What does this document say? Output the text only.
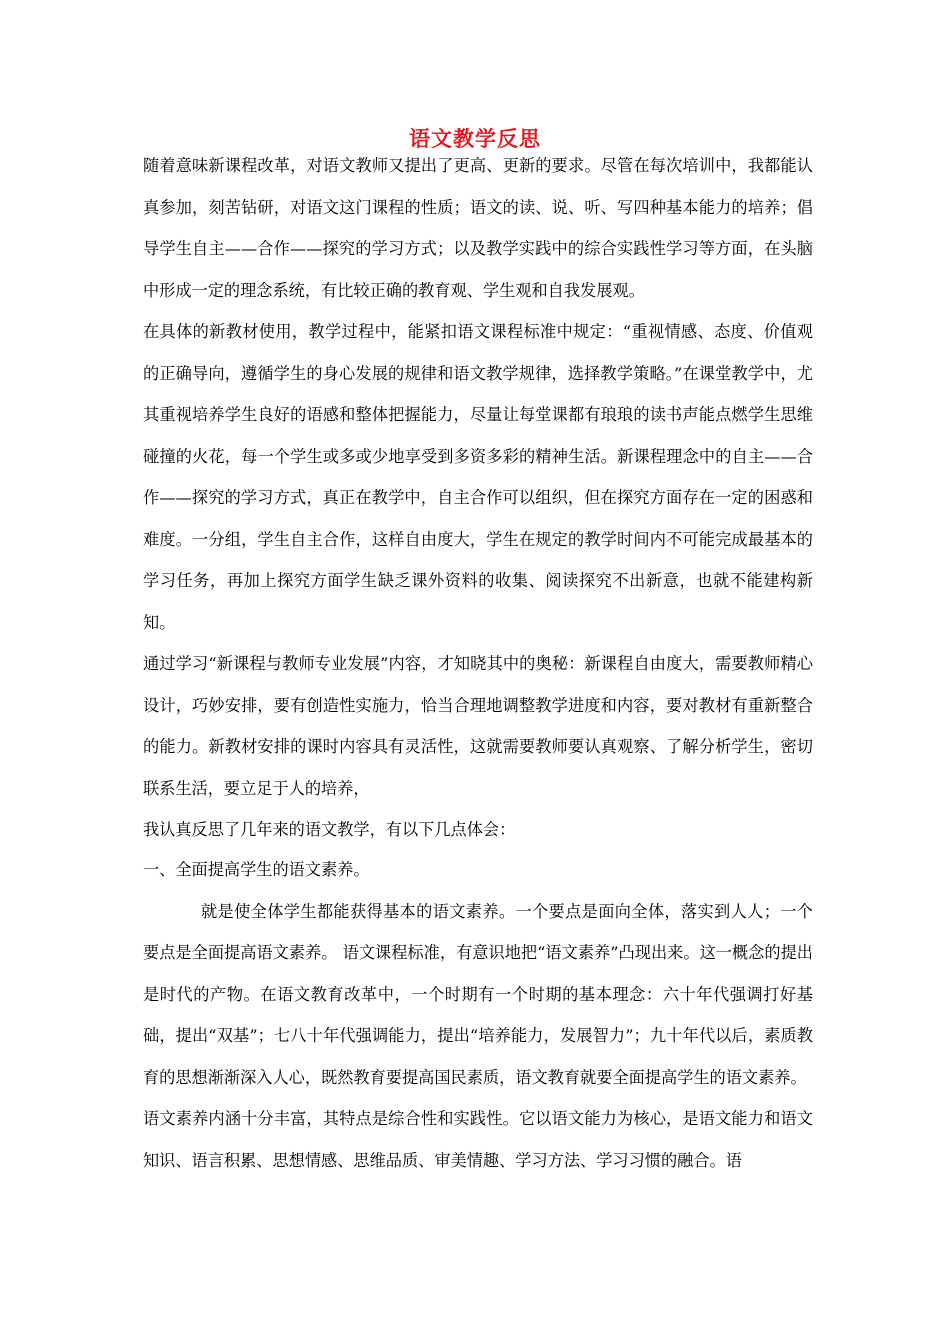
语文教学反思

随着意味新课程改革，对语文教师又提出了更高、更新的要求。尽管在每次培训中，我都能认真参加，刻苦钻研，对语文这门课程的性质；语文的读、说、听、写四种基本能力的培养；倡导学生自主——合作——探究的学习方式；以及教学实践中的综合实践性学习等方面，在头脑中形成一定的理念系统，有比较正确的教育观、学生观和自我发展观。

在具体的新教材使用，教学过程中，能紧扣语文课程标准中规定：“重视情感、态度、价值观的正确导向，遵循学生的身心发展的规律和语文教学规律，选择教学策略。”在课堂教学中，尤其重视培养学生良好的语感和整体把握能力，尽量让每堂课都有琅琅的读书声能点燃学生思维碰撞的火花，每一个学生或多或少地享受到多资多彩的精神生活。新课程理念中的自主——合作——探究的学习方式，真正在教学中，自主合作可以组织，但在探究方面存在一定的困惑和难度。一分组，学生自主合作，这样自由度大，学生在规定的教学时间内不可能完成最基本的学习任务，再加上探究方面学生缺乏课外资料的收集、阅读探究不出新意，也就不能建构新知。

通过学习“新课程与教师专业发展”内容，才知晓其中的奥秘：新课程自由度大，需要教师精心设计，巧妙安排，要有创造性实施力，恰当合理地调整教学进度和内容，要对教材有重新整合的能力。新教材安排的课时内容具有灵活性，这就需要教师要认真观察、了解分析学生，密切联系生活，要立足于人的培养，

我认真反思了几年来的语文教学，有以下几点体会：

一、全面提高学生的语文素养。

就是使全体学生都能获得基本的语文素养。一个要点是面向全体，落实到人人；一个要点是全面提高语文素养。 语文课程标准，有意识地把“语文素养”凸现出来。这一概念的提出是时代的产物。在语文教育改革中，一个时期有一个时期的基本理念：六十年代强调打好基础，提出“双基”；七八十年代强调能力，提出“培养能力，发展智力”；九十年代以后，素质教育的思想渐渐深入人心，既然教育要提高国民素质，语文教育就要全面提高学生的语文素养。

语文素养内涵十分丰富，其特点是综合性和实践性。它以语文能力为核心，是语文能力和语文知识、语言积累、思想情感、思维品质、审美情趣、学习方法、学习习惯的融合。语
